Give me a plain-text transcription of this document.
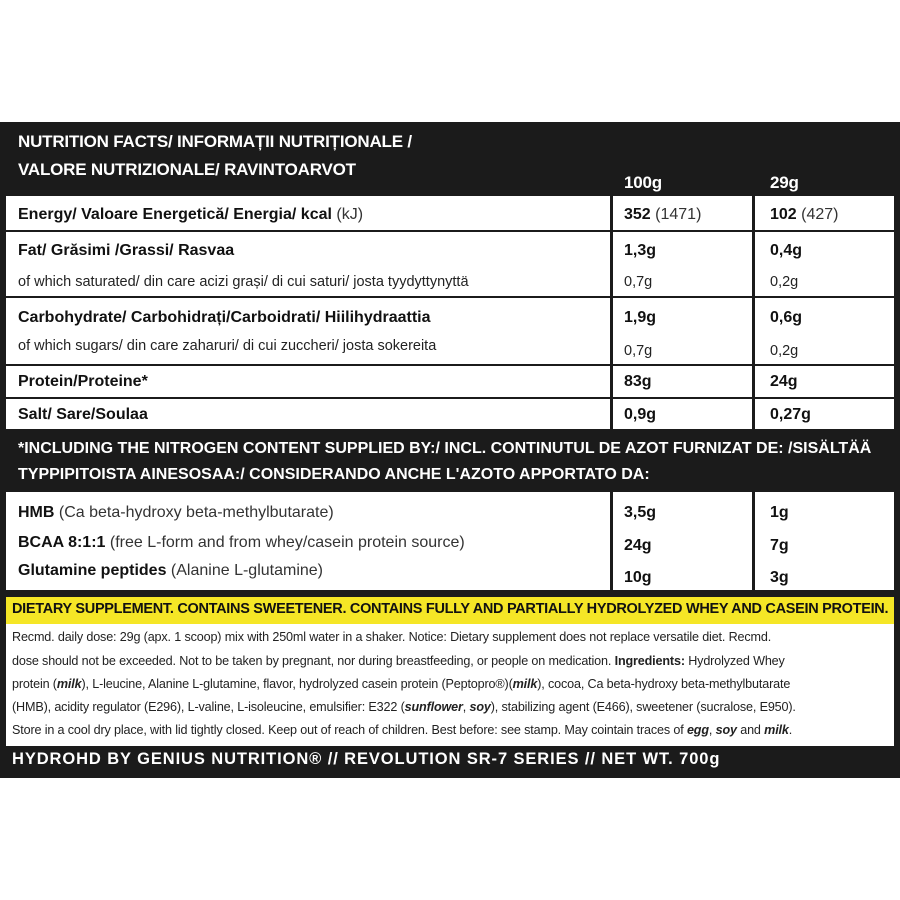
NUTRITION FACTS/ INFORMAȚII NUTRIȚIONALE /
VALORE NUTRIZIONALE/ RAVINTOARVOT
100g	29g
Energy/ Valoare Energetică/ Energia/ kcal (kJ)	352 (1471)	102 (427)
Fat/ Grăsimi /Grassi/ Rasvaa	1,3g	0,4g
of which saturated/ din care acizi grași/ di cui saturi/ josta tyydyttynyttä	0,7g	0,2g
Carbohydrate/ Carbohidrați/Carboidrati/ Hiilihydraattia	1,9g	0,6g
of which sugars/ din care zaharuri/ di cui zuccheri/ josta sokereita	0,7g	0,2g
Protein/Proteine*	83g	24g
Salt/ Sare/Soulaa	0,9g	0,27g
*INCLUDING THE NITROGEN CONTENT SUPPLIED BY:/ INCL. CONTINUTUL DE AZOT FURNIZAT DE: /SISÄLTÄÄ
TYPPIPITOISTA AINESOSAA:/ CONSIDERANDO ANCHE L'AZOTO APPORTATO DA:
HMB (Ca beta-hydroxy beta-methylbutarate)	3,5g	1g
BCAA 8:1:1 (free L-form and from whey/casein protein source)	24g	7g
Glutamine peptides (Alanine L-glutamine)	10g	3g
DIETARY SUPPLEMENT. CONTAINS SWEETENER. CONTAINS FULLY AND PARTIALLY HYDROLYZED WHEY AND CASEIN PROTEIN.
Recmd. daily dose: 29g (apx. 1 scoop) mix with 250ml water in a shaker. Notice: Dietary supplement does not replace versatile diet. Recmd.
dose should not be exceeded. Not to be taken by pregnant, nor during breastfeeding, or people on medication. Ingredients: Hydrolyzed Whey
protein (milk), L-leucine, Alanine L-glutamine, flavor, hydrolyzed casein protein (Peptopro®)(milk), cocoa, Ca beta-hydroxy beta-methylbutarate
(HMB), acidity regulator (E296), L-valine, L-isoleucine, emulsifier: E322 (sunflower, soy), stabilizing agent (E466), sweetener (sucralose, E950).
Store in a cool dry place, with lid tightly closed. Keep out of reach of children. Best before: see stamp. May cointain traces of egg, soy and milk.
HYDROHD BY GENIUS NUTRITION® // REVOLUTION SR-7 SERIES // NET WT. 700g
